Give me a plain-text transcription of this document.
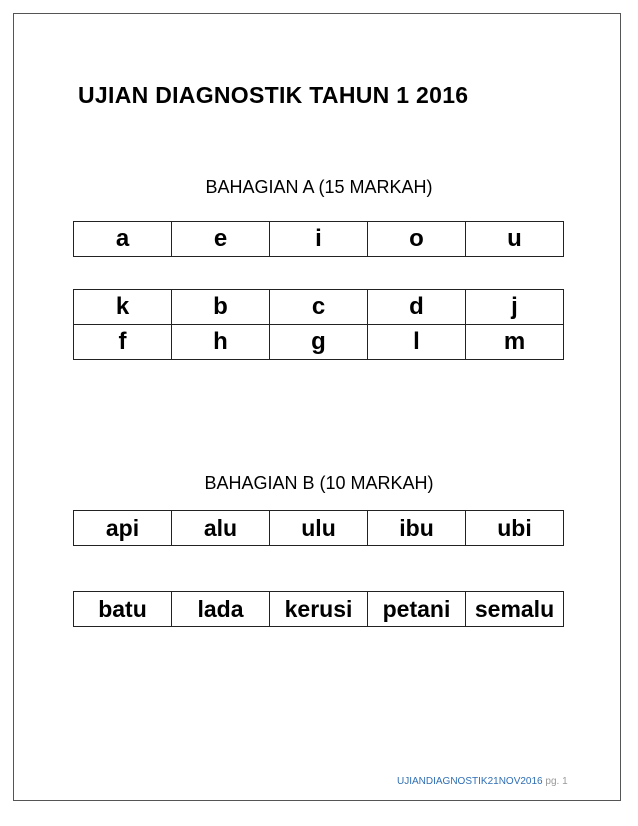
UJIAN DIAGNOSTIK TAHUN 1 2016
BAHAGIAN A (15 MARKAH)
a	e	i	o	u
k	b	c	d	j
f	h	g	l	m
BAHAGIAN B (10 MARKAH)
api	alu	ulu	ibu	ubi
batu	lada	kerusi	petani	semalu
UJIANDIAGNOSTIK21NOV2016 pg. 1
